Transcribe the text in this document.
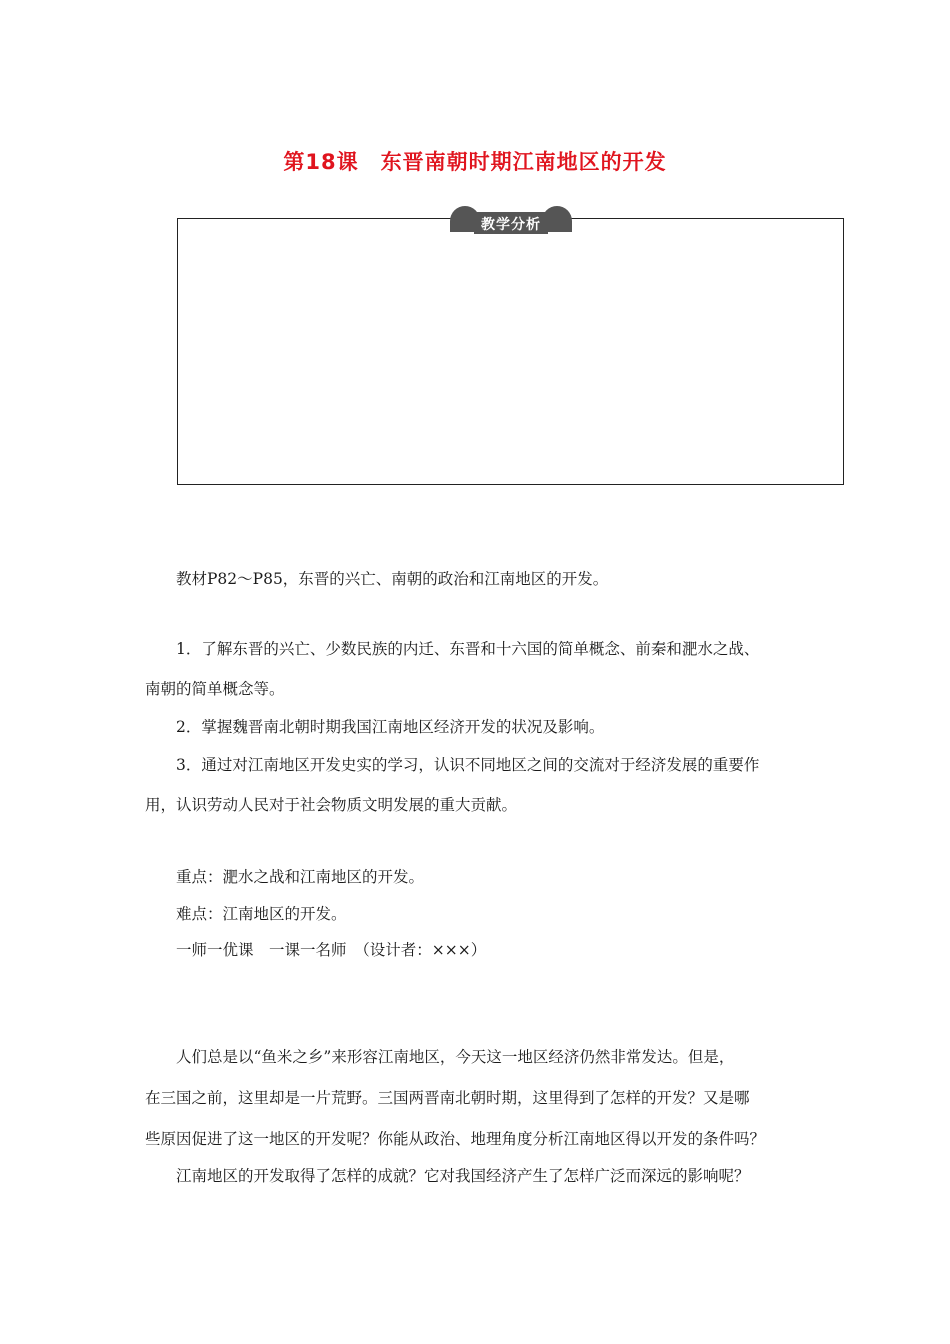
第18课　东晋南朝时期江南地区的开发
教学分析
　　教材P82～P85，东晋的兴亡、南朝的政治和江南地区的开发。
　　1．了解东晋的兴亡、少数民族的内迁、东晋和十六国的简单概念、前秦和淝水之战、
南朝的简单概念等。
　　2．掌握魏晋南北朝时期我国江南地区经济开发的状况及影响。
　　3．通过对江南地区开发史实的学习，认识不同地区之间的交流对于经济发展的重要作
用，认识劳动人民对于社会物质文明发展的重大贡献。
　　重点：淝水之战和江南地区的开发。
　　难点：江南地区的开发。
　　一师一优课　一课一名师　（设计者：×××）
　　人们总是以“鱼米之乡”来形容江南地区，今天这一地区经济仍然非常发达。但是，
在三国之前，这里却是一片荒野。三国两晋南北朝时期，这里得到了怎样的开发？又是哪
些原因促进了这一地区的开发呢？你能从政治、地理角度分析江南地区得以开发的条件吗？
　　江南地区的开发取得了怎样的成就？它对我国经济产生了怎样广泛而深远的影响呢？
